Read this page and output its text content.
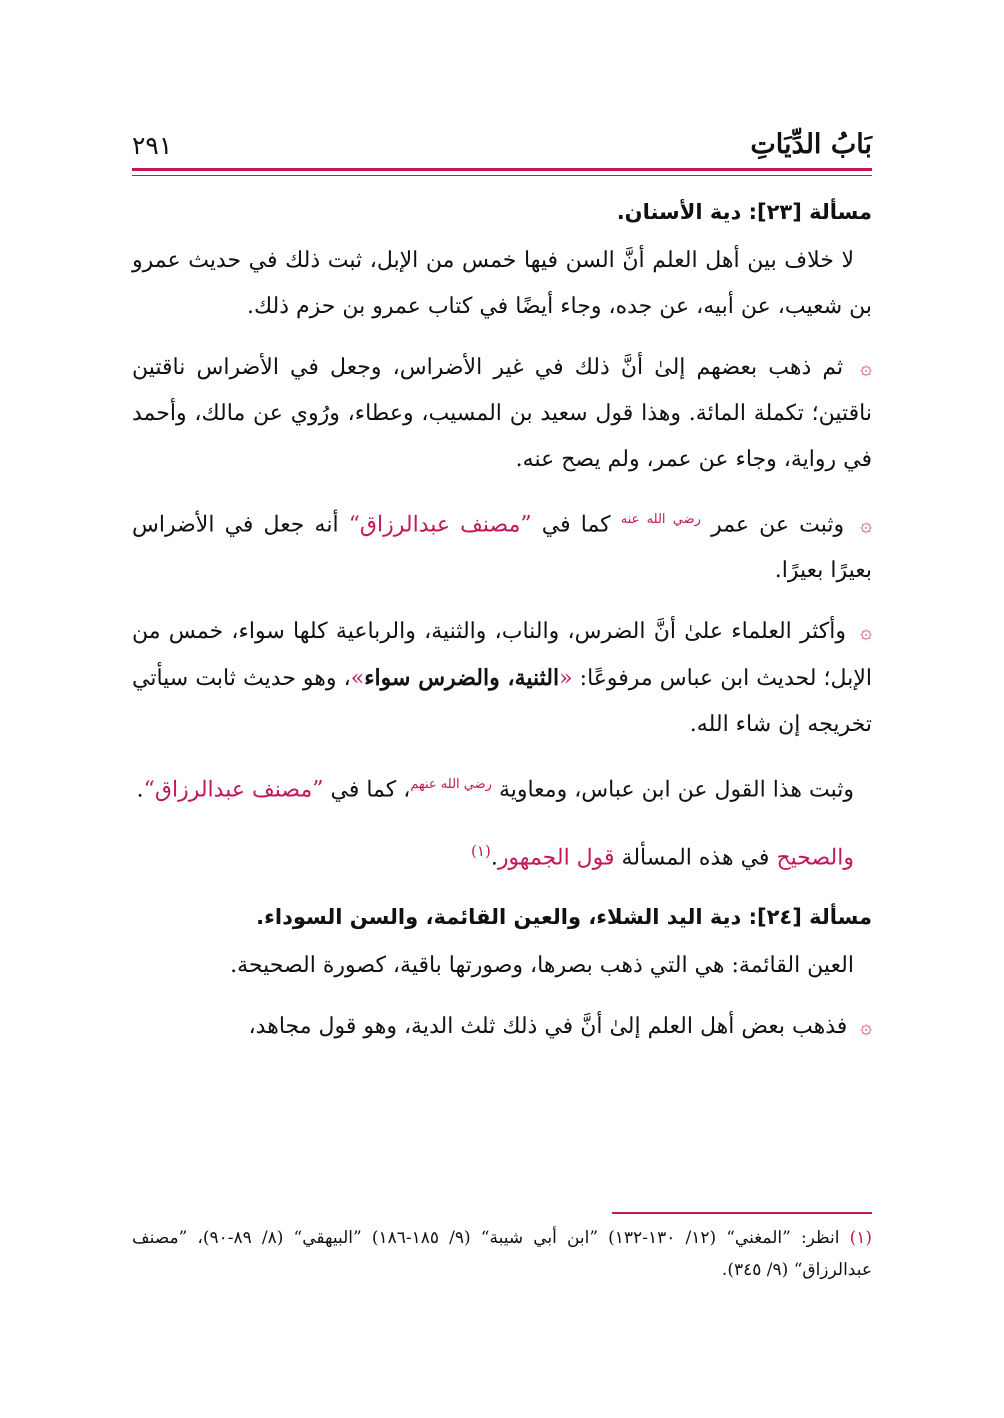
بَابُ الدِّيَاتِ
٢٩١
مسألة [٢٣]: دية الأسنان.

لا خلاف بين أهل العلم أنَّ السن فيها خمس من الإبل، ثبت ذلك في حديث عمرو بن شعيب، عن أبيه، عن جده، وجاء أيضًا في كتاب عمرو بن حزم ذلك.

۞ ثم ذهب بعضهم إلىٰ أنَّ ذلك في غير الأضراس، وجعل في الأضراس ناقتين ناقتين؛ تكملة المائة. وهذا قول سعيد بن المسيب، وعطاء، ورُوي عن مالك، وأحمد في رواية، وجاء عن عمر، ولم يصح عنه.

۞ وثبت عن عمر $^{رضي الله عنه}$ كما في ”مصنف عبدالرزاق“ أنه جعل في الأضراس بعيرًا بعيرًا.

۞ وأكثر العلماء علىٰ أنَّ الضرس، والناب، والثنية، والرباعية كلها سواء، خمس من الإبل؛ لحديث ابن عباس مرفوعًا: «الثنية، والضرس سواء»، وهو حديث ثابت سيأتي تخريجه إن شاء الله.

وثبت هذا القول عن ابن عباس، ومعاوية $^{رضي الله عنهم}$، كما في ”مصنف عبدالرزاق“.

والصحيح في هذه المسألة قول الجمهور.$^{(١)}$

مسألة [٢٤]: دية اليد الشلاء، والعين القائمة، والسن السوداء.

العين القائمة: هي التي ذهب بصرها، وصورتها باقية، كصورة الصحيحة.

۞ فذهب بعض أهل العلم إلىٰ أنَّ في ذلك ثلث الدية، وهو قول مجاهد،

(١) انظر: ”المغني“ (١٢/ ١٣٠-١٣٢) ”ابن أبي شيبة“ (٩/ ١٨٥-١٨٦) ”البيهقي“ (٨/ ٨٩-٩٠)، ”مصنف عبدالرزاق“ (٩/ ٣٤٥).
